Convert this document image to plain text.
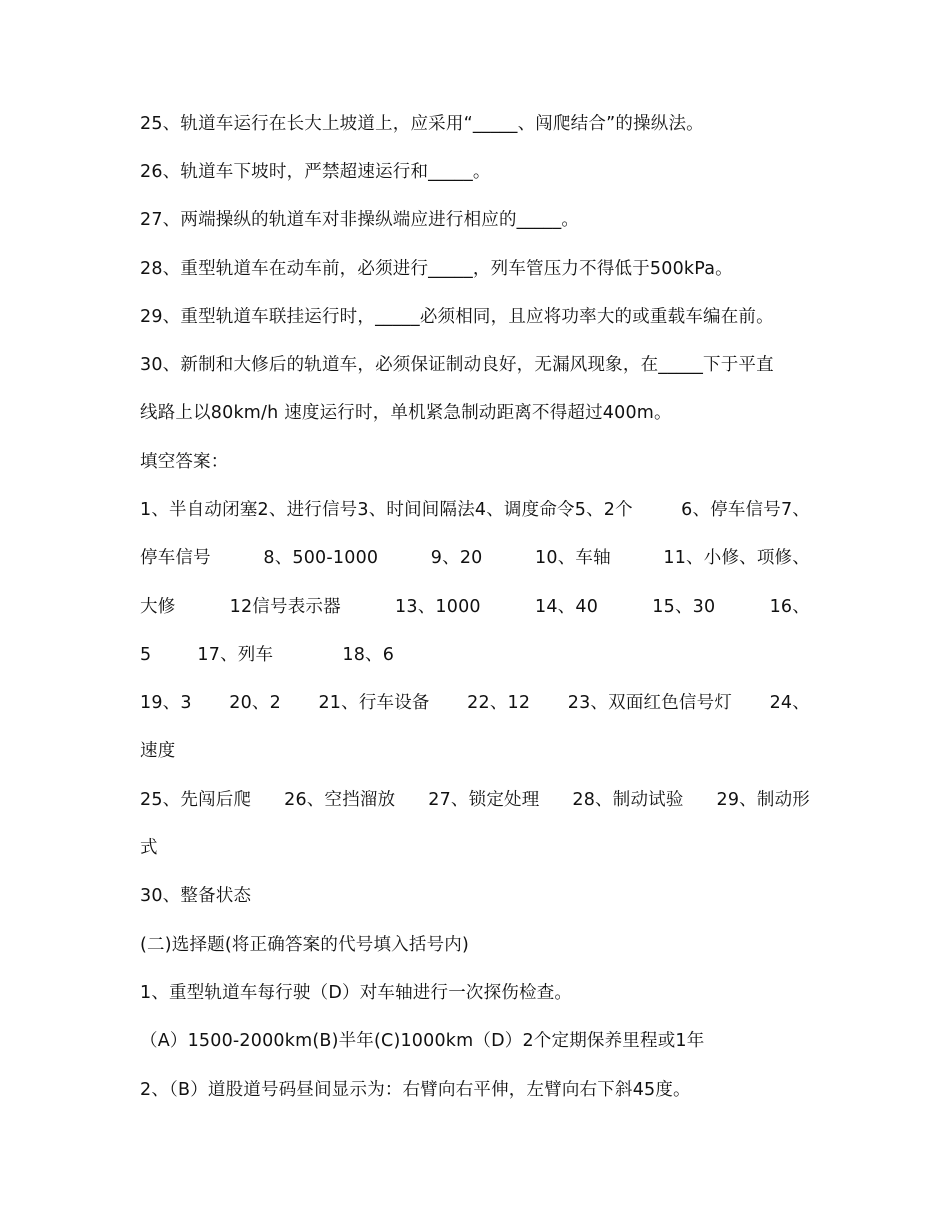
25、轨道车运行在长大上坡道上，应采用“_____、闯爬结合”的操纵法。
26、轨道车下坡时，严禁超速运行和_____。
27、两端操纵的轨道车对非操纵端应进行相应的_____。
28、重型轨道车在动车前，必须进行_____，列车管压力不得低于500kPa。
29、重型轨道车联挂运行时，_____必须相同，且应将功率大的或重载车编在前。
30、新制和大修后的轨道车，必须保证制动良好，无漏风现象，在_____下于平直
线路上以80km/h 速度运行时，单机紧急制动距离不得超过400m。
填空答案：
1、半自动闭塞2、进行信号3、时间间隔法4、调度命令5、2个	6、停车信号7、
停车信号	8、500-1000	9、20	10、车轴	11、小修、项修、
大修	12信号表示器	13、1000	14、40	15、30	16、
5        17、列车            18、6
19、3 20、2 21、行车设备 22、12 23、双面红色信号灯 24、
速度
25、先闯后爬 26、空挡溜放 27、锁定处理 28、制动试验 29、制动形
式
30、整备状态
(二)选择题(将正确答案的代号填入括号内)
1、重型轨道车每行驶（D）对车轴进行一次探伤检查。
（A）1500-2000km(B)半年(C)1000km（D）2个定期保养里程或1年
2、（B）道股道号码昼间显示为：右臂向右平伸，左臂向右下斜45度。
